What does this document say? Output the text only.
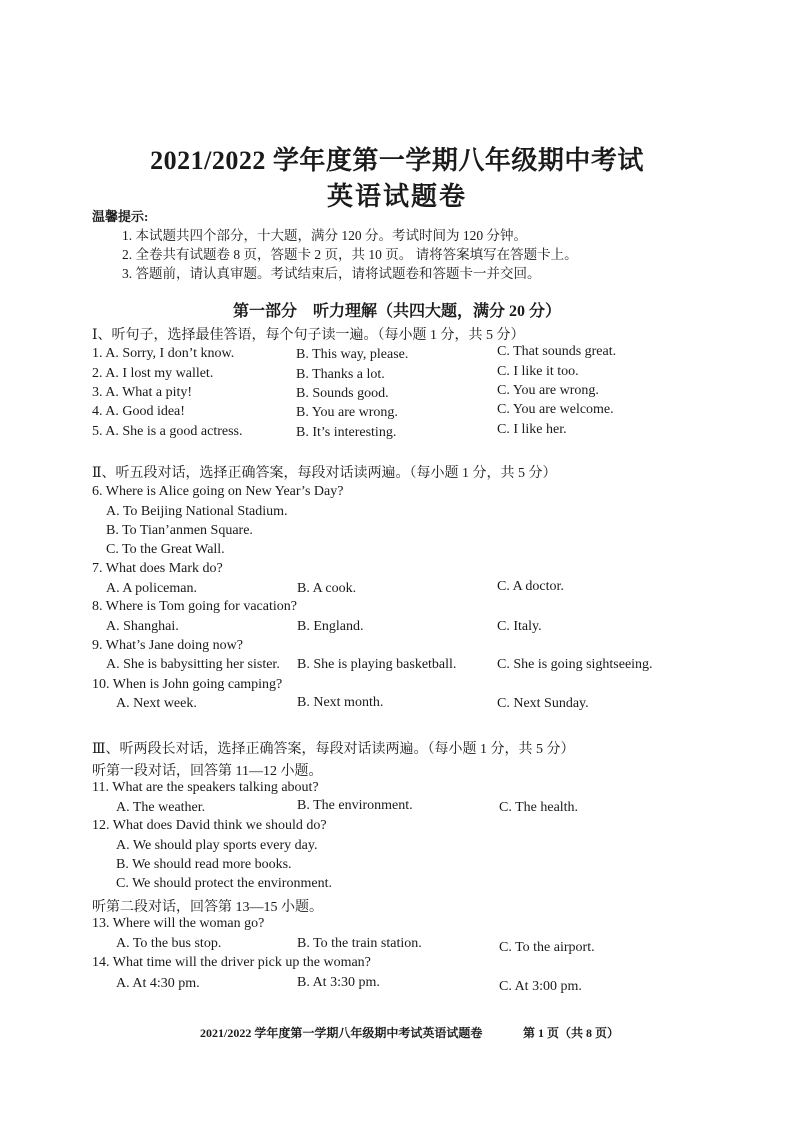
2021/2022 学年度第一学期八年级期中考试
英语试题卷
温馨提示:
1. 本试题共四个部分，十大题，满分 120 分。考试时间为 120 分钟。
2. 全卷共有试题卷 8 页，答题卡 2 页，共 10 页。 请将答案填写在答题卡上。
3. 答题前，请认真审题。考试结束后，请将试题卷和答题卡一并交回。
第一部分　听力理解（共四大题，满分 20 分）
Ⅰ、听句子，选择最佳答语，每个句子读一遍。（每小题 1 分，共 5 分）
1. A. Sorry, I don’t know.	B. This way, please.	C. That sounds great.
2. A. I lost my wallet.	B. Thanks a lot.	C. I like it too.
3. A. What a pity!	B. Sounds good.	C. You are wrong.
4. A. Good idea!	B. You are wrong.	C. You are welcome.
5. A. She is a good actress.	B. It’s interesting.	C. I like her.
Ⅱ、听五段对话，选择正确答案，每段对话读两遍。（每小题 1 分，共 5 分）
6. Where is Alice going on New Year’s Day?
A. To Beijing National Stadium.
B. To Tian’anmen Square.
C. To the Great Wall.
7. What does Mark do?
A. A policeman.	B. A cook.	C. A doctor.
8. Where is Tom going for vacation?
A. Shanghai.	B. England.	C. Italy.
9. What’s Jane doing now?
A. She is babysitting her sister. B. She is playing basketball.	C. She is going sightseeing.
10. When is John going camping?
A. Next week.	B. Next month.	C. Next Sunday.
Ⅲ、听两段长对话，选择正确答案，每段对话读两遍。（每小题 1 分，共 5 分）
听第一段对话，回答第 11—12 小题。
11. What are the speakers talking about?
A. The weather.	B. The environment.	C. The health.
12. What does David think we should do?
A. We should play sports every day.
B. We should read more books.
C. We should protect the environment.
听第二段对话，回答第 13—15 小题。
13. Where will the woman go?
A. To the bus stop.	B. To the train station.	C. To the airport.
14. What time will the driver pick up the woman?
A. At 4:30 pm.	B. At 3:30 pm.	C. At 3:00 pm.
2021/2022 学年度第一学期八年级期中考试英语试题卷	第 1 页（共 8 页）
